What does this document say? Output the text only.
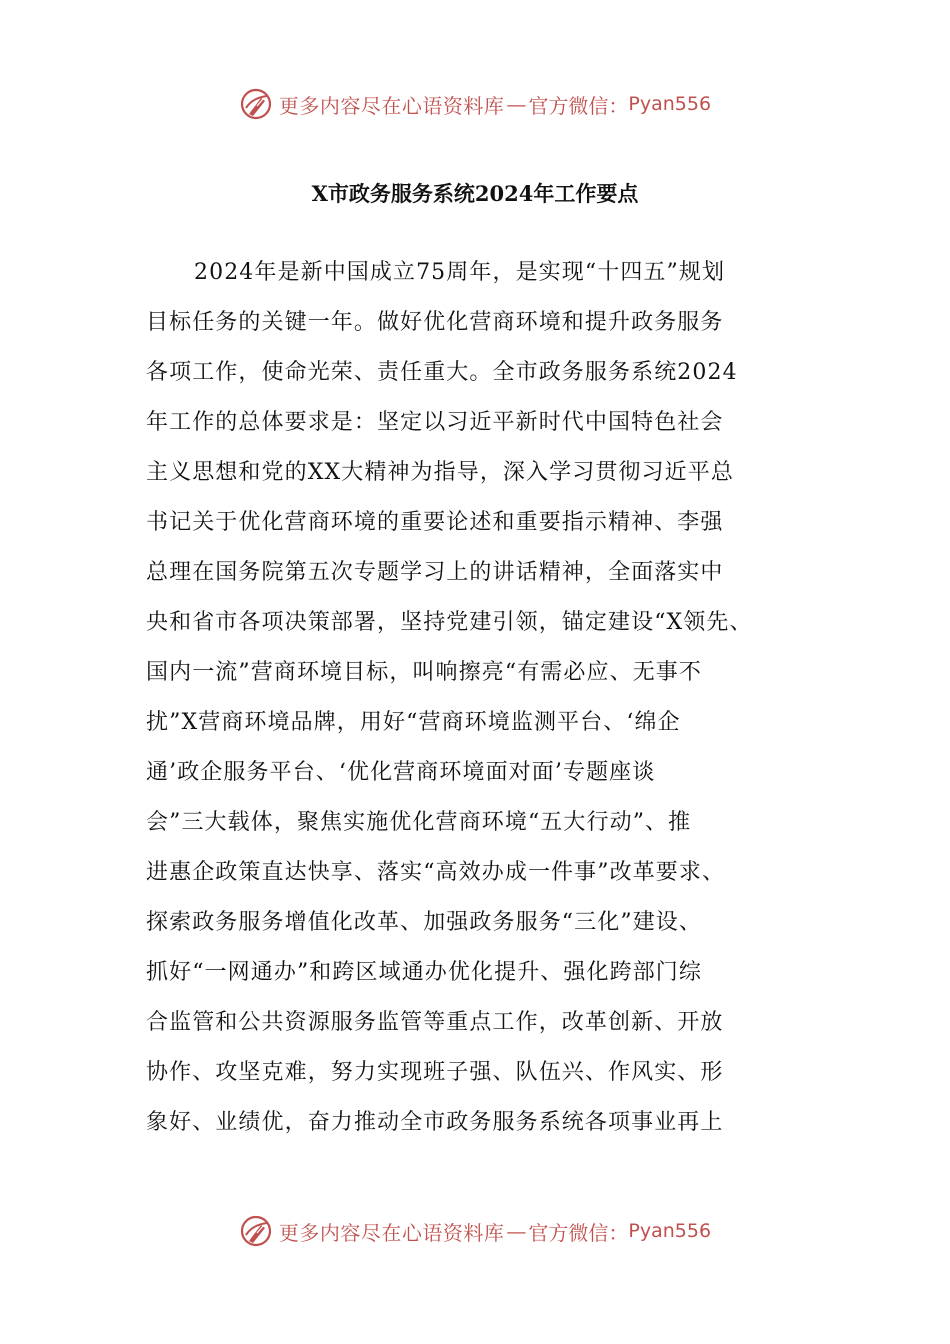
更多内容尽在心语资料库 — 官方微信： Pyan556
X市政务服务系统2024年工作要点
2024年是新中国成立75周年，是实现“十四五”规划
目标任务的关键一年。做好优化营商环境和提升政务服务
各项工作，使命光荣、责任重大。全市政务服务系统2024
年工作的总体要求是：坚定以习近平新时代中国特色社会
主义思想和党的XX大精神为指导，深入学习贯彻习近平总
书记关于优化营商环境的重要论述和重要指示精神、李强
总理在国务院第五次专题学习上的讲话精神，全面落实中
央和省市各项决策部署，坚持党建引领，锚定建设“X领先、
国内一流”营商环境目标，叫响擦亮“有需必应、无事不
扰”X营商环境品牌，用好“营商环境监测平台、‘绵企
通’政企服务平台、‘优化营商环境面对面’专题座谈
会”三大载体，聚焦实施优化营商环境“五大行动”、推
进惠企政策直达快享、落实“高效办成一件事”改革要求、
探索政务服务增值化改革、加强政务服务“三化”建设、
抓好“一网通办”和跨区域通办优化提升、强化跨部门综
合监管和公共资源服务监管等重点工作，改革创新、开放
协作、攻坚克难，努力实现班子强、队伍兴、作风实、形
象好、业绩优，奋力推动全市政务服务系统各项事业再上
更多内容尽在心语资料库 — 官方微信： Pyan556
